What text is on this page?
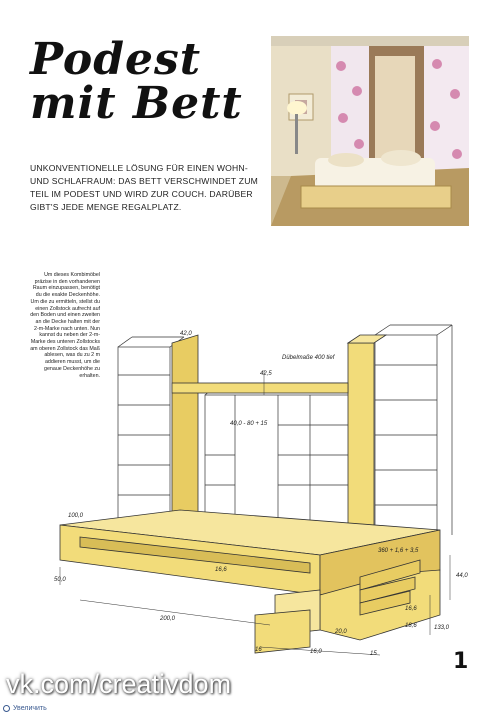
Podest
mit Bett
UNKONVENTIONELLE LÖSUNG FÜR EINEN WOHN- UND SCHLAFRAUM: DAS BETT VERSCHWINDET ZUM TEIL IM PODEST UND WIRD ZUR COUCH. DARÜBER GIBT'S JEDE MENGE REGALPLATZ.
Um dieses Kombimöbel präzise in den vorhandenen Raum einzupassen, benötigt du die exakte Deckenhöhe. Um die zu ermitteln, stellst du einen Zollstock aufrecht auf den Boden und einen zweiten an die Decke halten mit der 2-m-Marke nach unten. Nun kannst du neben der 2-m-Marke des unteren Zollstocks am oberen Zollstock das Maß ablesen, was du zu 2 m addieren musst, um die genaue Deckenhöhe zu erhalten.
42,0
Dübelmaße 400 tief
42,5
40,0 - 80 + 15
100,0
16,6
50,0
200,0
360 + 1,6 + 3,5
44,0
16,6
18,6
20,0
16,0
16
133,0
15	1
vk.com/creativdom
Увеличить
